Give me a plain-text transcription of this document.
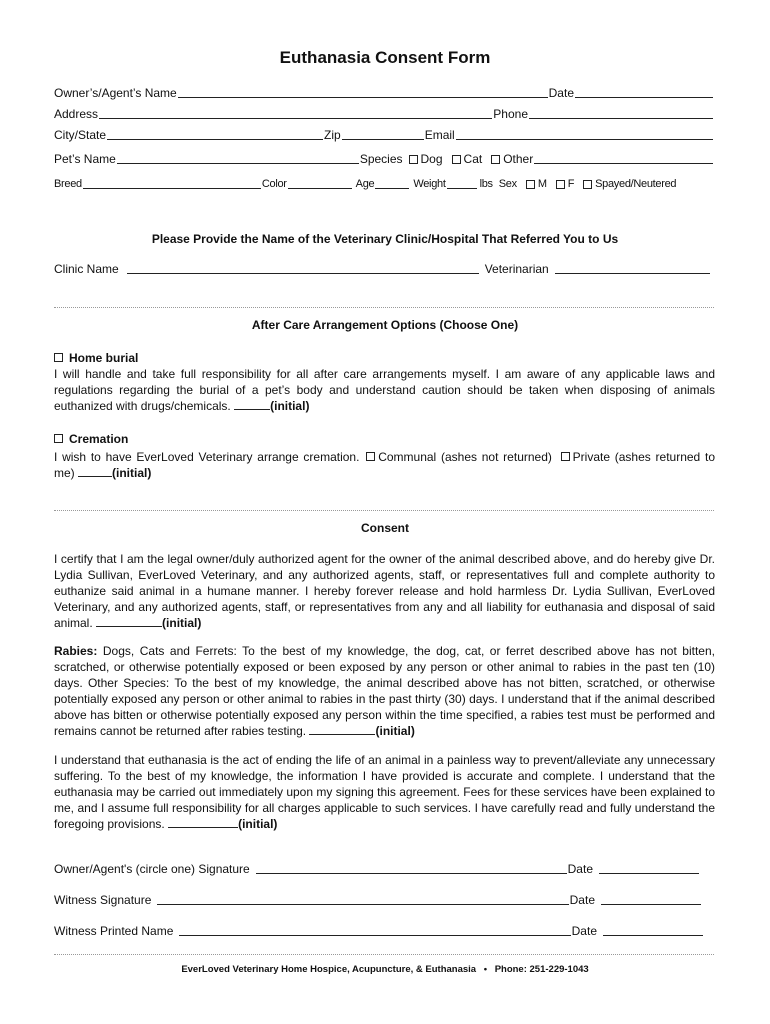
Euthanasia Consent Form
Owner’s/Agent’s Name	Date
Address	Phone
City/State	Zip	Email
Pet’s Name	Species Dog Cat Other
Breed	Color	Age	Weight	lbs Sex M F Spayed/Neutered
Please Provide the Name of the Veterinary Clinic/Hospital That Referred You to Us
Clinic Name	Veterinarian
After Care Arrangement Options (Choose One)
Home burial
I will handle and take full responsibility for all after care arrangements myself. I am aware of any applicable laws and regulations regarding the burial of a pet’s body and understand caution should be taken when disposing of animals euthanized with drugs/chemicals.	(initial)
Cremation
I wish to have EverLoved Veterinary arrange cremation. Communal (ashes not returned) Private (ashes returned to me)	(initial)
Consent
I certify that I am the legal owner/duly authorized agent for the owner of the animal described above, and do hereby give Dr. Lydia Sullivan, EverLoved Veterinary, and any authorized agents, staff, or representatives full and complete authority to euthanize said animal in a humane manner. I hereby forever release and hold harmless Dr. Lydia Sullivan, EverLoved Veterinary, and any authorized agents, staff, or representatives from any and all liability for euthanasia and disposal of said animal.	(initial)
Rabies: Dogs, Cats and Ferrets: To the best of my knowledge, the dog, cat, or ferret described above has not bitten, scratched, or otherwise potentially exposed or been exposed by any person or other animal to rabies in the past ten (10) days. Other Species: To the best of my knowledge, the animal described above has not bitten, scratched, or otherwise potentially exposed any person or other animal to rabies in the past thirty (30) days. I understand that if the animal described above has bitten or otherwise potentially exposed any person within the time specified, a rabies test must be performed and remains cannot be returned after rabies testing.	(initial)
I understand that euthanasia is the act of ending the life of an animal in a painless way to prevent/alleviate any unnecessary suffering. To the best of my knowledge, the information I have provided is accurate and complete. I understand that the euthanasia may be carried out immediately upon my signing this agreement. Fees for these services have been explained to me, and I assume full responsibility for all charges applicable to such services. I have carefully read and fully understand the foregoing provisions.	(initial)
Owner/Agent's (circle one) Signature	Date
Witness Signature	Date
Witness Printed Name	Date
EverLoved Veterinary Home Hospice, Acupuncture, & Euthanasia • Phone: 251-229-1043
